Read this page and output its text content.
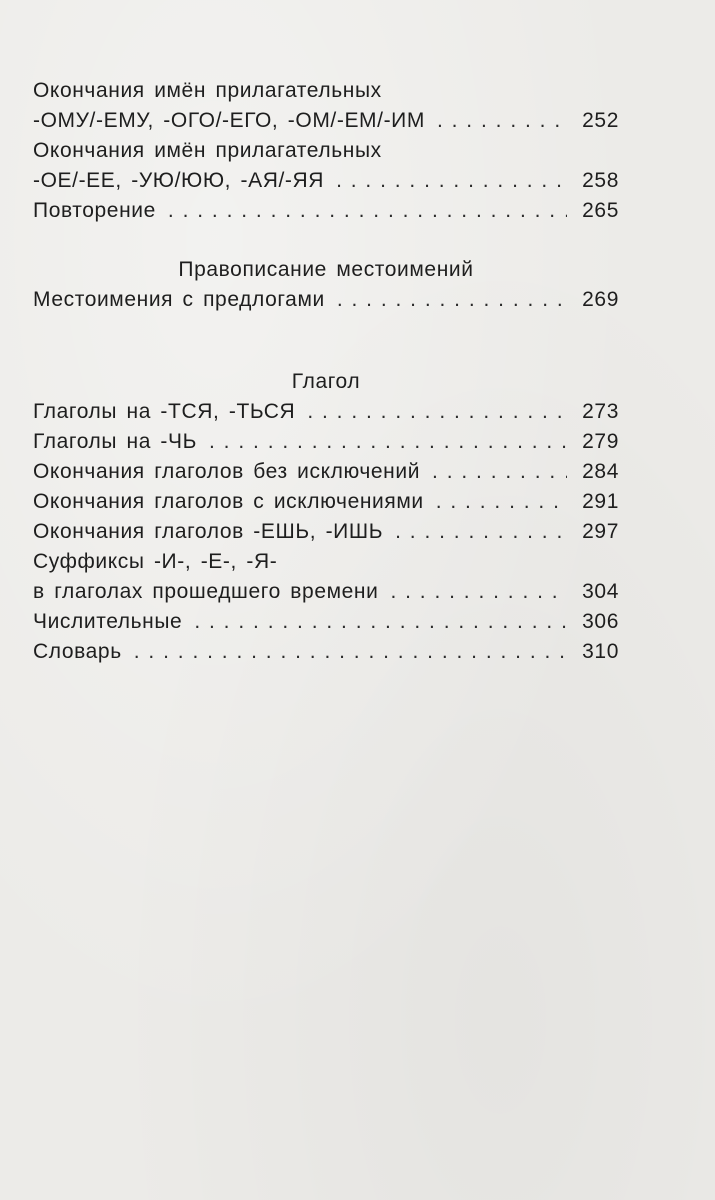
Окончания имён прилагательных
-ОМУ/-ЕМУ, -ОГО/-ЕГО, -ОМ/-ЕМ/-ИМ . . .	252
Окончания имён прилагательных
-ОЕ/-ЕЕ, -УЮ/ЮЮ, -АЯ/-ЯЯ . . .	258
Повторение . . .	265
Правописание местоимений
Местоимения с предлогами . . .	269
Глагол
Глаголы на -ТСЯ, -ТЬСЯ . . .	273
Глаголы на -ЧЬ . . .	279
Окончания глаголов без исключений . . .	284
Окончания глаголов с исключениями . . .	291
Окончания глаголов -ЕШЬ, -ИШЬ . . .	297
Суффиксы -И-, -Е-, -Я-
в глаголах прошедшего времени . . .	304
Числительные . . .	306
Словарь . . .	310
